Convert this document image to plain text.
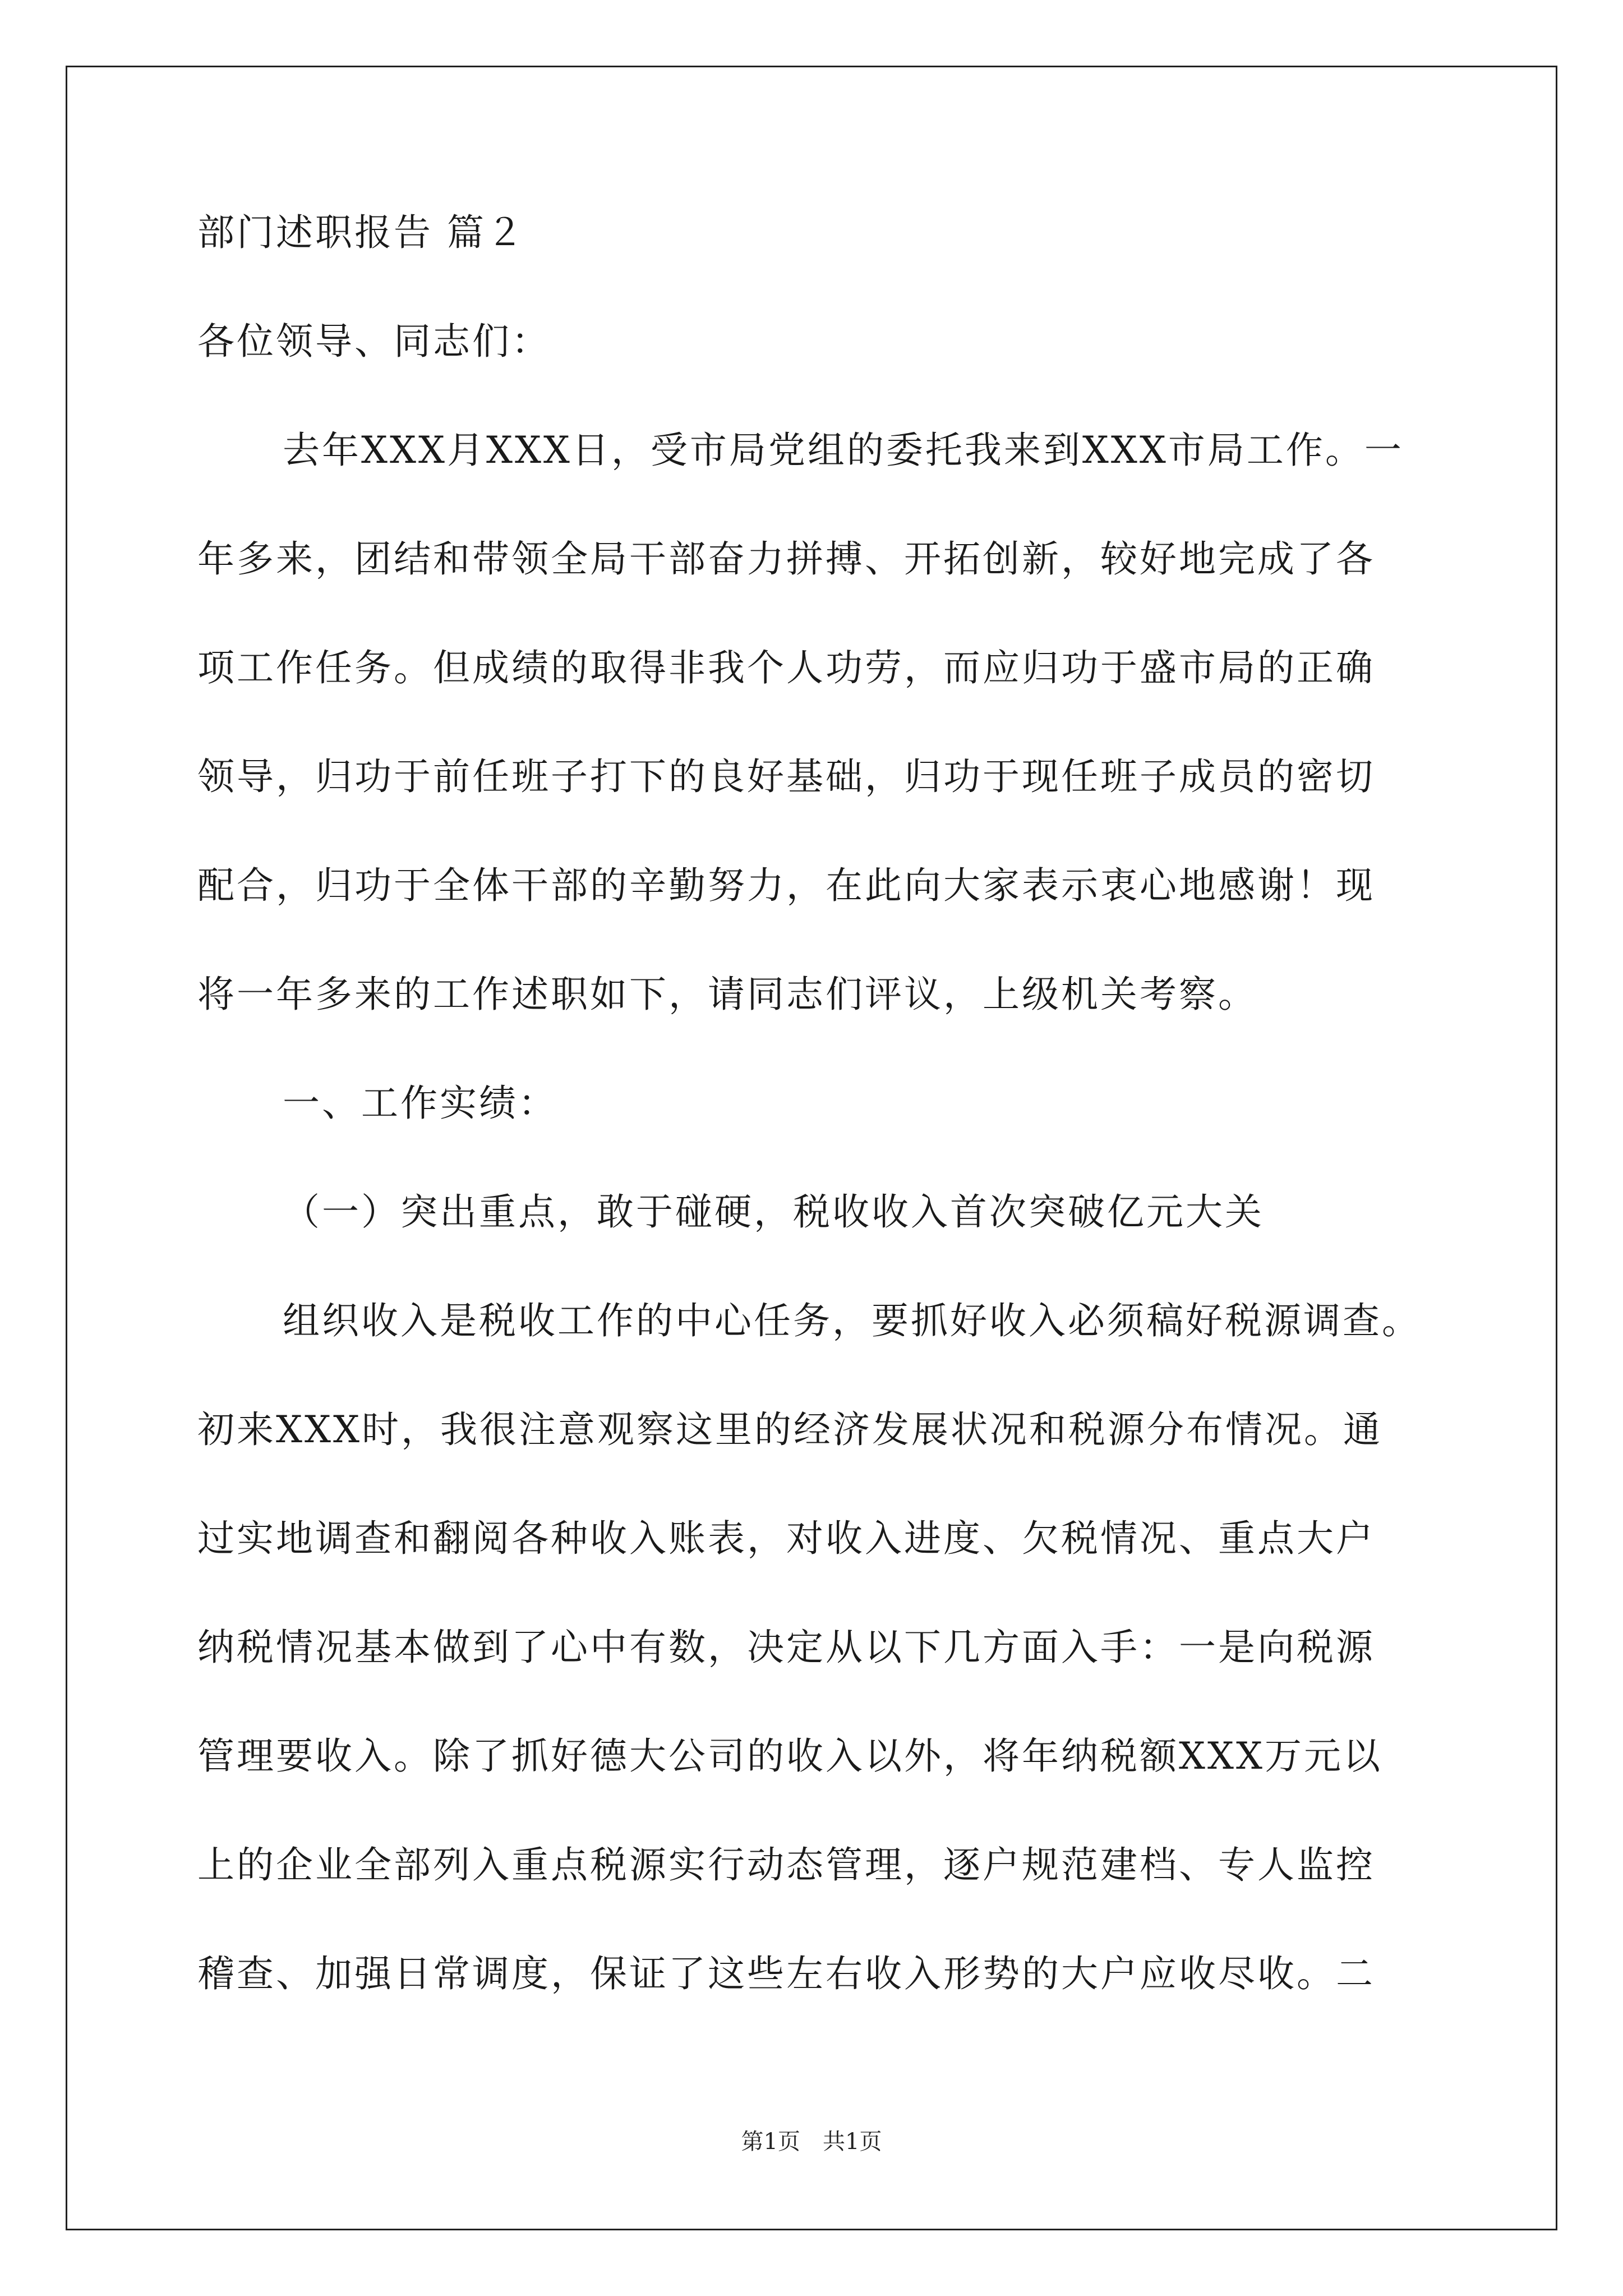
部门述职报告 篇２
各位领导、同志们：
去年XXX月XXX日，受市局党组的委托我来到XXX市局工作。一
年多来，团结和带领全局干部奋力拼搏、开拓创新，较好地完成了各
项工作任务。但成绩的取得非我个人功劳，而应归功于盛市局的正确
领导，归功于前任班子打下的良好基础，归功于现任班子成员的密切
配合，归功于全体干部的辛勤努力，在此向大家表示衷心地感谢！现
将一年多来的工作述职如下，请同志们评议，上级机关考察。
一、工作实绩：
（一）突出重点，敢于碰硬，税收收入首次突破亿元大关
组织收入是税收工作的中心任务，要抓好收入必须稿好税源调查。
初来XXX时，我很注意观察这里的经济发展状况和税源分布情况。通
过实地调查和翻阅各种收入账表，对收入进度、欠税情况、重点大户
纳税情况基本做到了心中有数，决定从以下几方面入手：一是向税源
管理要收入。除了抓好德大公司的收入以外，将年纳税额XXX万元以
上的企业全部列入重点税源实行动态管理，逐户规范建档、专人监控
稽查、加强日常调度，保证了这些左右收入形势的大户应收尽收。二
第1页　共1页
